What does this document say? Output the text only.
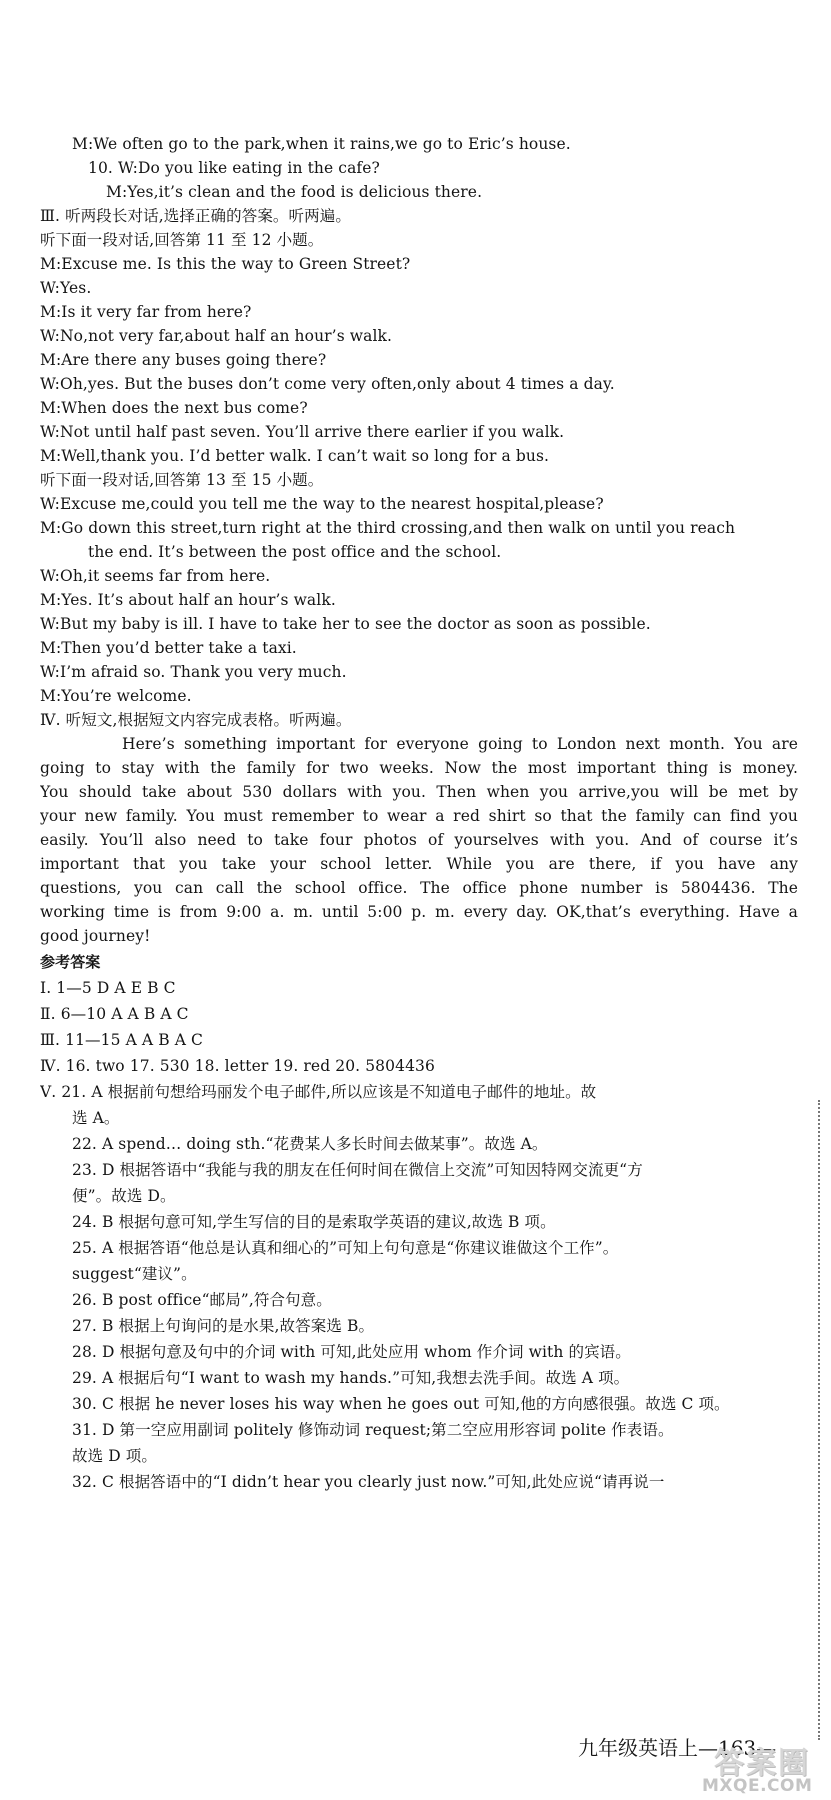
M:We often go to the park,when it rains,we go to Eric’s house.
10. W:Do you like eating in the cafe?
M:Yes,it’s clean and the food is delicious there.
Ⅲ. 听两段长对话,选择正确的答案。听两遍。
听下面一段对话,回答第 11 至 12 小题。
M:Excuse me. Is this the way to Green Street?
W:Yes.
M:Is it very far from here?
W:No,not very far,about half an hour’s walk.
M:Are there any buses going there?
W:Oh,yes. But the buses don’t come very often,only about 4 times a day.
M:When does the next bus come?
W:Not until half past seven. You’ll arrive there earlier if you walk.
M:Well,thank you. I’d better walk. I can’t wait so long for a bus.
听下面一段对话,回答第 13 至 15 小题。
W:Excuse me,could you tell me the way to the nearest hospital,please?
M:Go down this street,turn right at the third crossing,and then walk on until you reach
the end. It’s between the post office and the school.
W:Oh,it seems far from here.
M:Yes. It’s about half an hour’s walk.
W:But my baby is ill. I have to take her to see the doctor as soon as possible.
M:Then you’d better take a taxi.
W:I’m afraid so. Thank you very much.
M:You’re welcome.
Ⅳ. 听短文,根据短文内容完成表格。听两遍。
Here’s something important for everyone going to London next month. You are
going to stay with the family for two weeks. Now the most important thing is money.
You should take about 530 dollars with you. Then when you arrive,you will be met by
your new family. You must remember to wear a red shirt so that the family can find you
easily. You’ll also need to take four photos of yourselves with you. And of course it’s
important that you take your school letter. While you are there, if you have any
questions, you can call the school office. The office phone number is 5804436. The
working time is from 9:00 a. m. until 5:00 p. m. every day. OK,that’s everything. Have a
good journey!
参考答案
Ⅰ. 1—5 D A E B C
Ⅱ. 6—10 A A B A C
Ⅲ. 11—15 A A B A C
Ⅳ. 16. two 17. 530 18. letter 19. red 20. 5804436
Ⅴ. 21. A 根据前句想给玛丽发个电子邮件,所以应该是不知道电子邮件的地址。故
选 A。
22. A spend… doing sth.“花费某人多长时间去做某事”。故选 A。
23. D 根据答语中“我能与我的朋友在任何时间在微信上交流”可知因特网交流更“方
便”。故选 D。
24. B 根据句意可知,学生写信的目的是索取学英语的建议,故选 B 项。
25. A 根据答语“他总是认真和细心的”可知上句句意是“你建议谁做这个工作”。
suggest“建议”。
26. B post office“邮局”,符合句意。
27. B 根据上句询问的是水果,故答案选 B。
28. D 根据句意及句中的介词 with 可知,此处应用 whom 作介词 with 的宾语。
29. A 根据后句“I want to wash my hands.”可知,我想去洗手间。故选 A 项。
30. C 根据 he never loses his way when he goes out 可知,他的方向感很强。故选 C 项。
31. D 第一空应用副词 politely 修饰动词 request;第二空应用形容词 polite 作表语。
故选 D 项。
32. C 根据答语中的“I didn’t hear you clearly just now.”可知,此处应说“请再说一
九年级英语上—163—
答案圈
MXQE.COM
